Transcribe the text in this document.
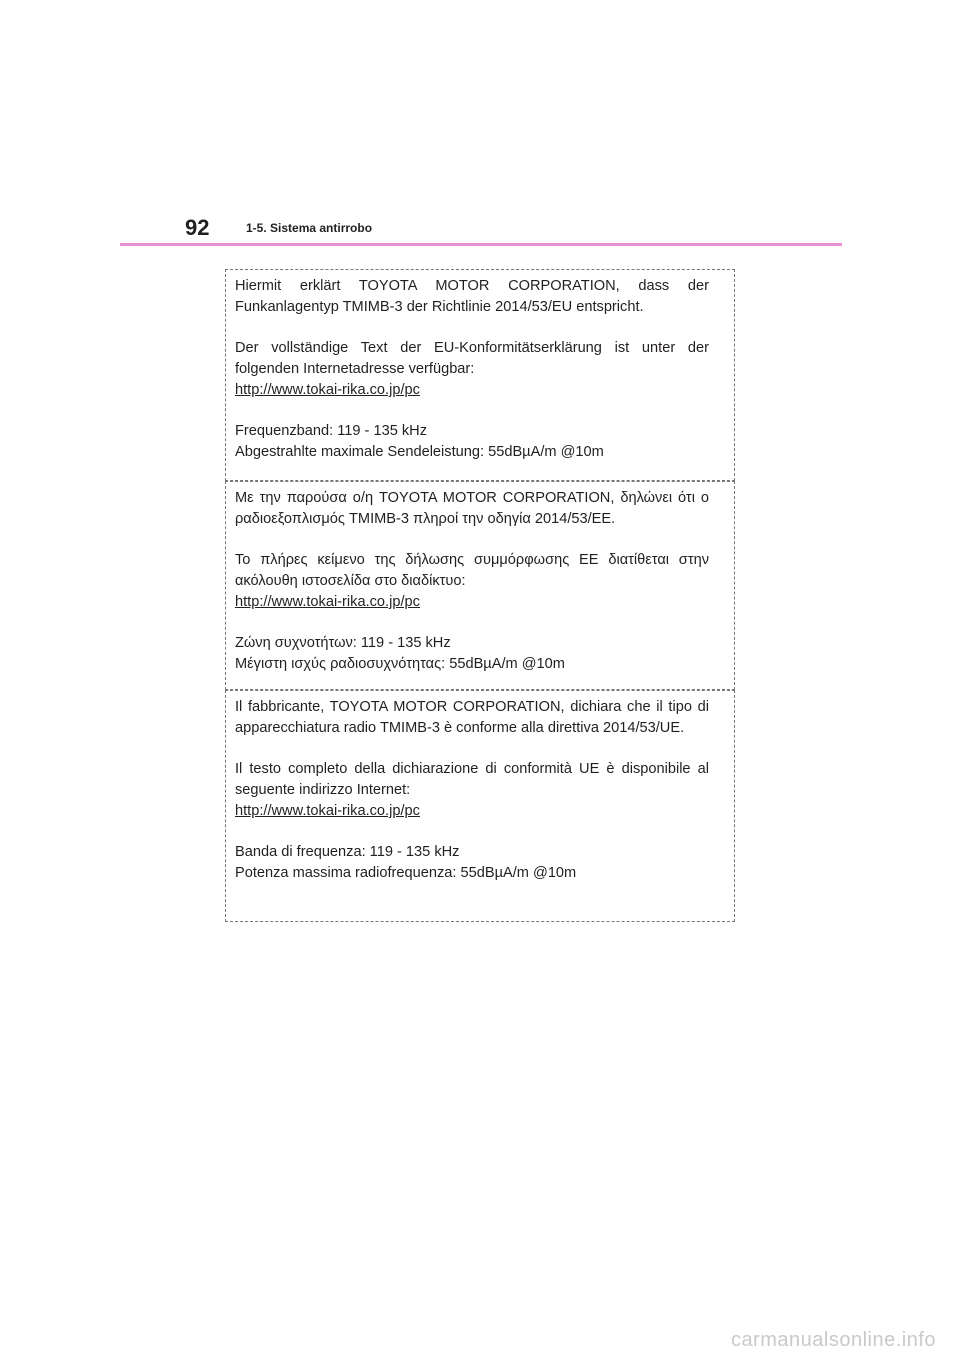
92	1-5. Sistema antirrobo

Hiermit erklärt TOYOTA MOTOR CORPORATION, dass der Funkanlagentyp TMIMB-3 der Richtlinie 2014/53/EU entspricht.

Der vollständige Text der EU-Konformitätserklärung ist unter der folgenden Internetadresse verfügbar:

http://www.tokai-rika.co.jp/pc

Frequenzband: 119 - 135 kHz

Abgestrahlte maximale Sendeleistung: 55dBµA/m @10m

Με την παρούσα ο/η TOYOTA MOTOR CORPORATION, δηλώνει ότι ο ραδιοεξοπλισμός TMIMB-3 πληροί την οδηγία 2014/53/ΕΕ.

Το πλήρες κείμενο της δήλωσης συμμόρφωσης ΕΕ διατίθεται στην ακόλουθη ιστοσελίδα στο διαδίκτυο:

http://www.tokai-rika.co.jp/pc

Ζώνη συχνοτήτων: 119 - 135 kHz

Μέγιστη ισχύς ραδιοσυχνότητας: 55dBµA/m @10m

Il fabbricante, TOYOTA MOTOR CORPORATION, dichiara che il tipo di apparecchiatura radio TMIMB-3 è conforme alla direttiva 2014/53/UE.

Il testo completo della dichiarazione di conformità UE è disponibile al seguente indirizzo Internet:

http://www.tokai-rika.co.jp/pc

Banda di frequenza: 119 - 135 kHz

Potenza massima radiofrequenza: 55dBµA/m @10m

carmanualsonline.info
